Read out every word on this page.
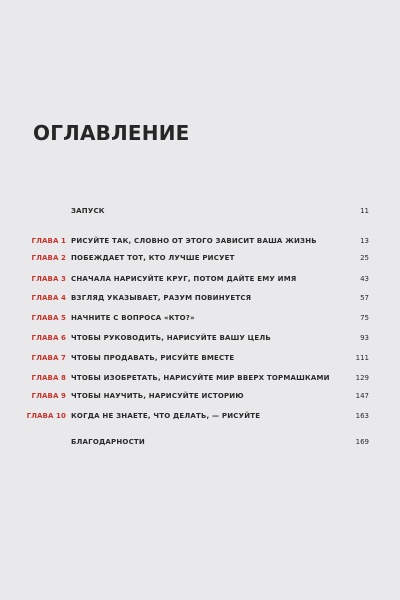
ОГЛАВЛЕНИЕ
ЗАПУСК	11
ГЛАВА 1 РИСУЙТЕ ТАК, СЛОВНО ОТ ЭТОГО ЗАВИСИТ ВАША ЖИЗНЬ	13
ГЛАВА 2 ПОБЕЖДАЕТ ТОТ, КТО ЛУЧШЕ РИСУЕТ	25
ГЛАВА 3 СНАЧАЛА НАРИСУЙТЕ КРУГ, ПОТОМ ДАЙТЕ ЕМУ ИМЯ	43
ГЛАВА 4 ВЗГЛЯД УКАЗЫВАЕТ, РАЗУМ ПОВИНУЕТСЯ	57
ГЛАВА 5 НАЧНИТЕ С ВОПРОСА «КТО?»	75
ГЛАВА 6 ЧТОБЫ РУКОВОДИТЬ, НАРИСУЙТЕ ВАШУ ЦЕЛЬ	93
ГЛАВА 7 ЧТОБЫ ПРОДАВАТЬ, РИСУЙТЕ ВМЕСТЕ	111
ГЛАВА 8 ЧТОБЫ ИЗОБРЕТАТЬ, НАРИСУЙТЕ МИР ВВЕРХ ТОРМАШКАМИ	129
ГЛАВА 9 ЧТОБЫ НАУЧИТЬ, НАРИСУЙТЕ ИСТОРИЮ	147
ГЛАВА 10 КОГДА НЕ ЗНАЕТЕ, ЧТО ДЕЛАТЬ, — РИСУЙТЕ	163
БЛАГОДАРНОСТИ	169
